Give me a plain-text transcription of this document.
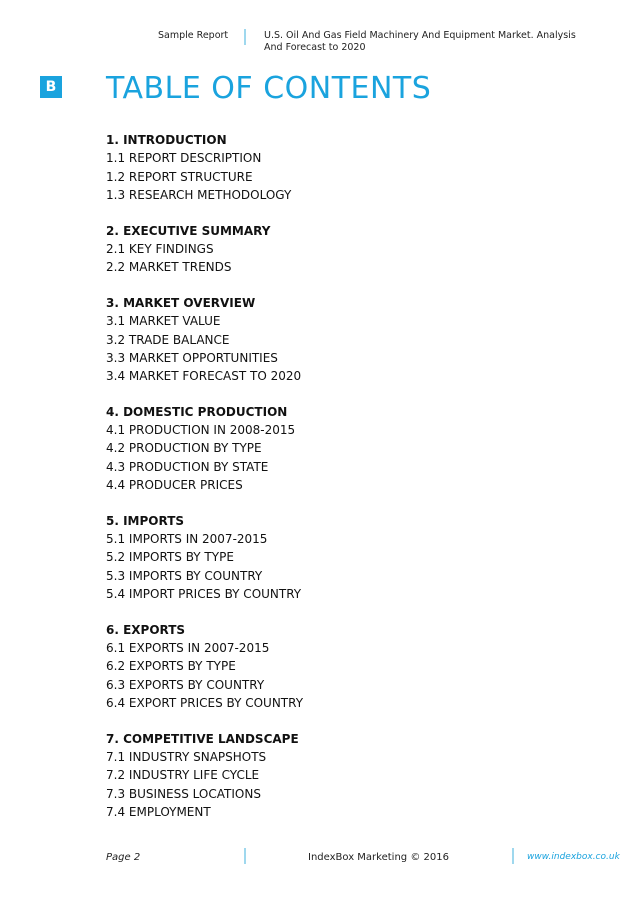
Sample Report	U.S. Oil And Gas Field Machinery And Equipment Market. Analysis And Forecast to 2020
B TABLE OF CONTENTS
1. INTRODUCTION
1.1 REPORT DESCRIPTION
1.2 REPORT STRUCTURE
1.3 RESEARCH METHODOLOGY
2. EXECUTIVE SUMMARY
2.1 KEY FINDINGS
2.2 MARKET TRENDS
3. MARKET OVERVIEW
3.1 MARKET VALUE
3.2 TRADE BALANCE
3.3 MARKET OPPORTUNITIES
3.4 MARKET FORECAST TO 2020
4. DOMESTIC PRODUCTION
4.1 PRODUCTION IN 2008-2015
4.2 PRODUCTION BY TYPE
4.3 PRODUCTION BY STATE
4.4 PRODUCER PRICES
5. IMPORTS
5.1 IMPORTS IN 2007-2015
5.2 IMPORTS BY TYPE
5.3 IMPORTS BY COUNTRY
5.4 IMPORT PRICES BY COUNTRY
6. EXPORTS
6.1 EXPORTS IN 2007-2015
6.2 EXPORTS BY TYPE
6.3 EXPORTS BY COUNTRY
6.4 EXPORT PRICES BY COUNTRY
7. COMPETITIVE LANDSCAPE
7.1 INDUSTRY SNAPSHOTS
7.2 INDUSTRY LIFE CYCLE
7.3 BUSINESS LOCATIONS
7.4 EMPLOYMENT
Page 2	IndexBox Marketing © 2016	www.indexbox.co.uk
